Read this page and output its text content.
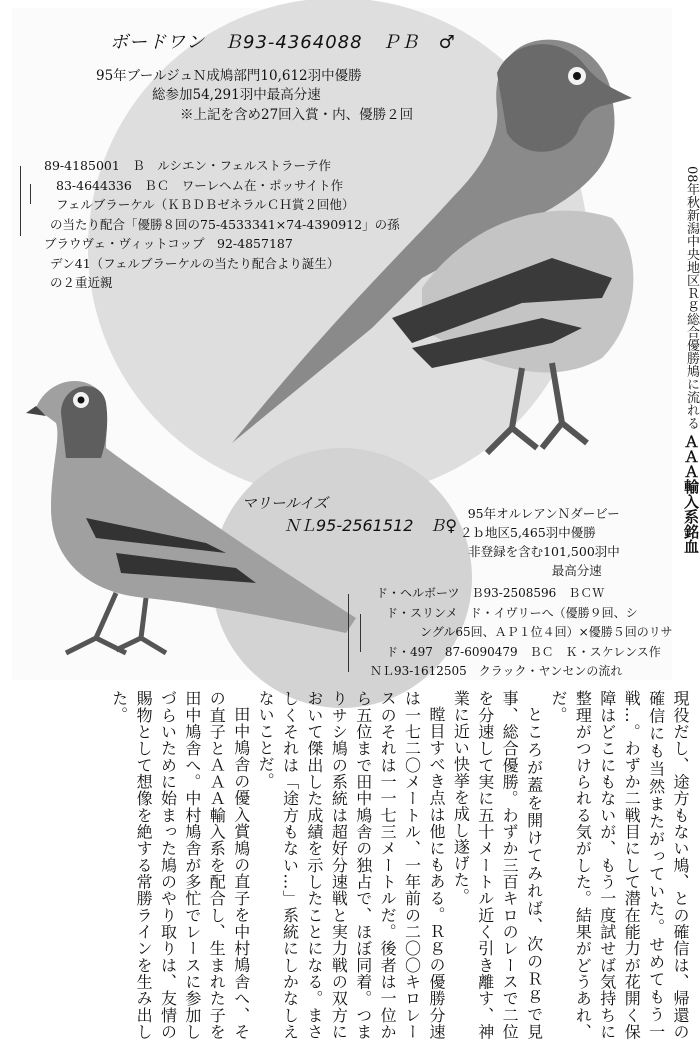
ボードワン　Ｂ93-4364088　ＰＢ　♂
95年ブールジュＮ成鳩部門10,612羽中優勝
総参加54,291羽中最高分速
※上記を含め27回入賞・内、優勝２回
89-4185001　Ｂ　ルシエン・フェルストラーテ作
83-4644336　ＢＣ　ワーレヘム在・ポッサイト作
フェルブラーケル（ＫＢＤＢゼネラルＣＨ賞２回他）
の当たり配合「優勝８回の75-4533341×74-4390912」の孫
ブラウヴェ・ヴィットコップ　92-4857187
デン41（フェルブラーケルの当たり配合より誕生）
の２重近親
マリールイズ
ＮＬ95-2561512　Ｂ♀
95年オルレアンＮダービー
２ｂ地区5,465羽中優勝
非登録を含む101,500羽中
最高分速
ド・ヘルボーツ　Ｂ93-2508596　ＢＣＷ
ド・スリンメ　ド・イヴリーへ（優勝９回、シ
ングル65回、ＡＰ１位４回）×優勝５回のリサ
ド・497　87-6090479　ＢＣ　Ｋ・スケレンス作
ＮＬ93-1612505　クラック・ヤンセンの流れ
08年秋新潟中央地区Ｒｇ総合優勝鳩に流れる ＡＡＡ輸入系銘血

現役だし、途方もない鳩、との確信は、帰還の確信にも当然またがっていた。せめてもう一戦…。わずか二戦目にして潜在能力が花開く保障はどこにもないが、もう一度試せば気持ちに整理がつけられる気がした。結果がどうあれ、だ。

ところが蓋を開けてみれば、次のＲｇで見事、総合優勝。わずか三百キロのレースで二位を分速して実に五十メートル近く引き離す、神業に近い快挙を成し遂げた。

瞠目すべき点は他にもある。Ｒｇの優勝分速は一七二〇メートル、一年前の二〇〇キロレースのそれは一一七三メートルだ。後者は一位から五位まで田中鳩舎の独占で、ほぼ同着。つまりサシ鳩の系統は超好分速戦と実力戦の双方において傑出した成績を示したことになる。まさしくそれは「途方もない…」系統にしかなしえないことだ。

田中鳩舎の優入賞鳩の直子を中村鳩舎へ、その直子とＡＡＡ輸入系を配合し、生まれた子を田中鳩舎へ。中村鳩舎が多忙でレースに参加しづらいために始まった鳩のやり取りは、友情の賜物として想像を絶する常勝ラインを生み出した。
